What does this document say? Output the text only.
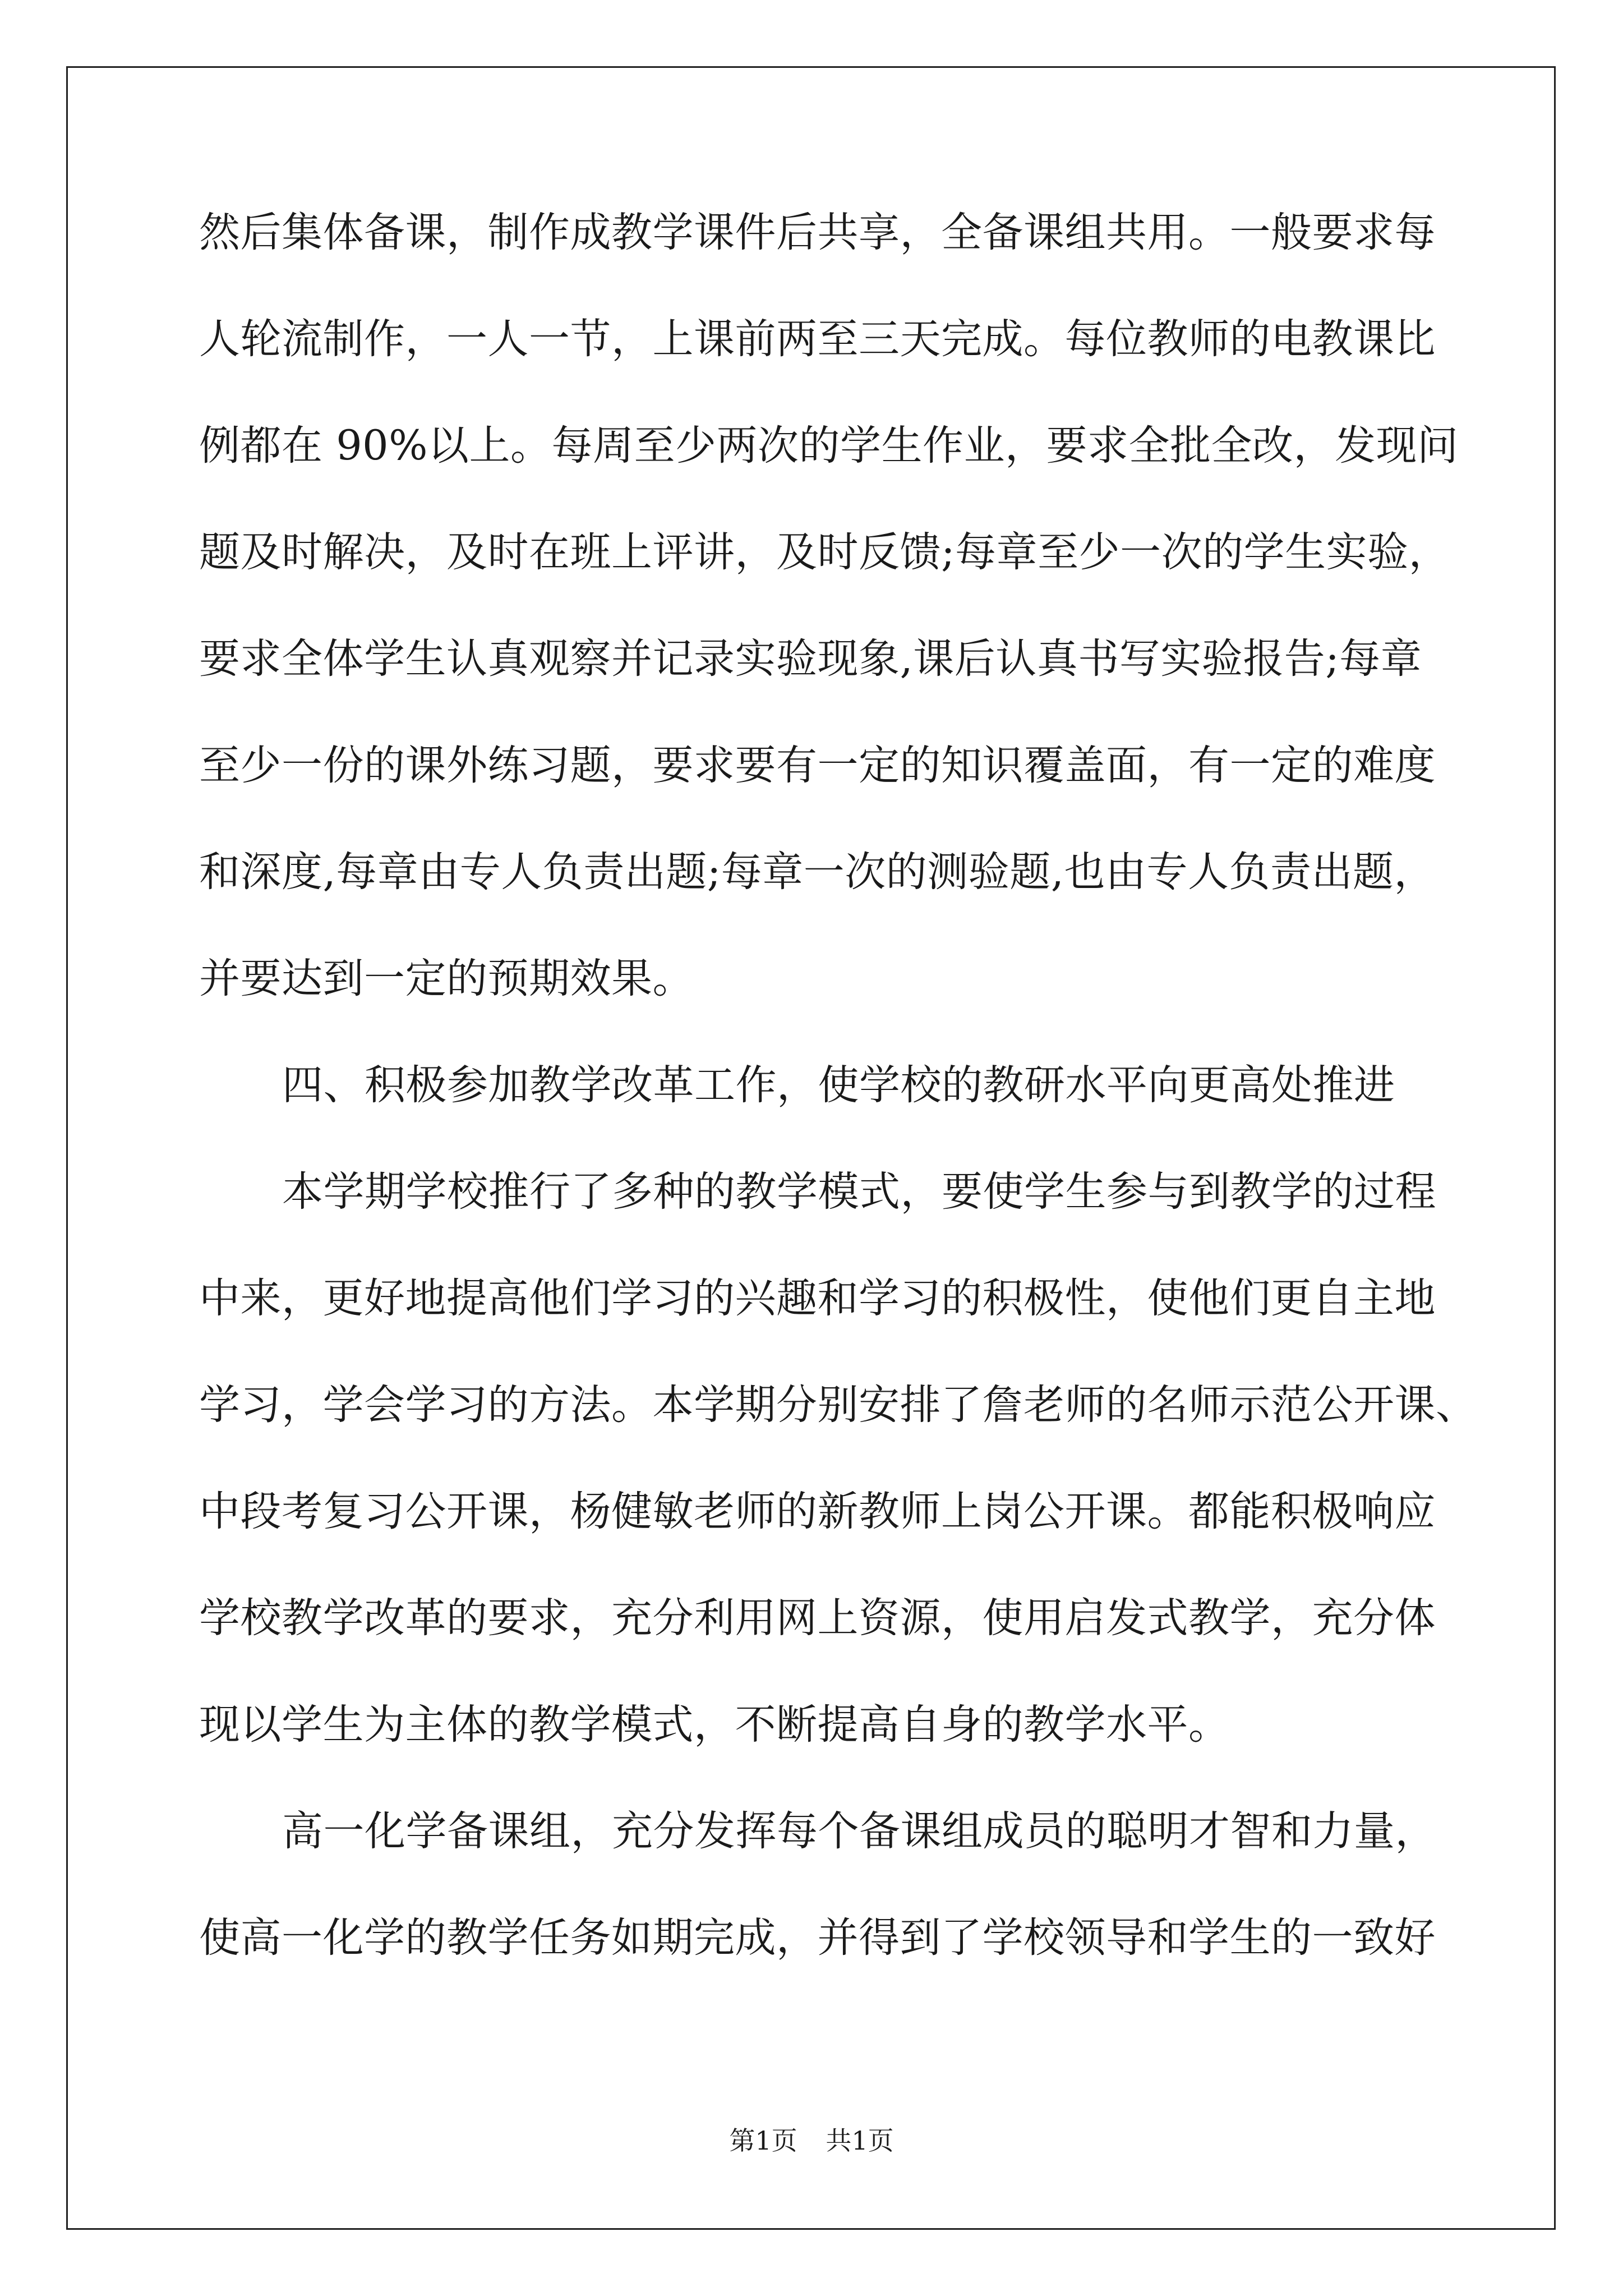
然后集体备课，制作成教学课件后共享，全备课组共用。一般要求每
人轮流制作，一人一节，上课前两至三天完成。每位教师的电教课比
例都在 90%以上。每周至少两次的学生作业，要求全批全改，发现问
题及时解决，及时在班上评讲，及时反馈;每章至少一次的学生实验，
要求全体学生认真观察并记录实验现象,课后认真书写实验报告;每章
至少一份的课外练习题，要求要有一定的知识覆盖面，有一定的难度
和深度,每章由专人负责出题;每章一次的测验题,也由专人负责出题，
并要达到一定的预期效果。
四、积极参加教学改革工作，使学校的教研水平向更高处推进
本学期学校推行了多种的教学模式，要使学生参与到教学的过程
中来，更好地提高他们学习的兴趣和学习的积极性，使他们更自主地
学习，学会学习的方法。本学期分别安排了詹老师的名师示范公开课、
中段考复习公开课，杨健敏老师的新教师上岗公开课。都能积极响应
学校教学改革的要求，充分利用网上资源，使用启发式教学，充分体
现以学生为主体的教学模式，不断提高自身的教学水平。
高一化学备课组，充分发挥每个备课组成员的聪明才智和力量，
使高一化学的教学任务如期完成，并得到了学校领导和学生的一致好
第1页 共1页
